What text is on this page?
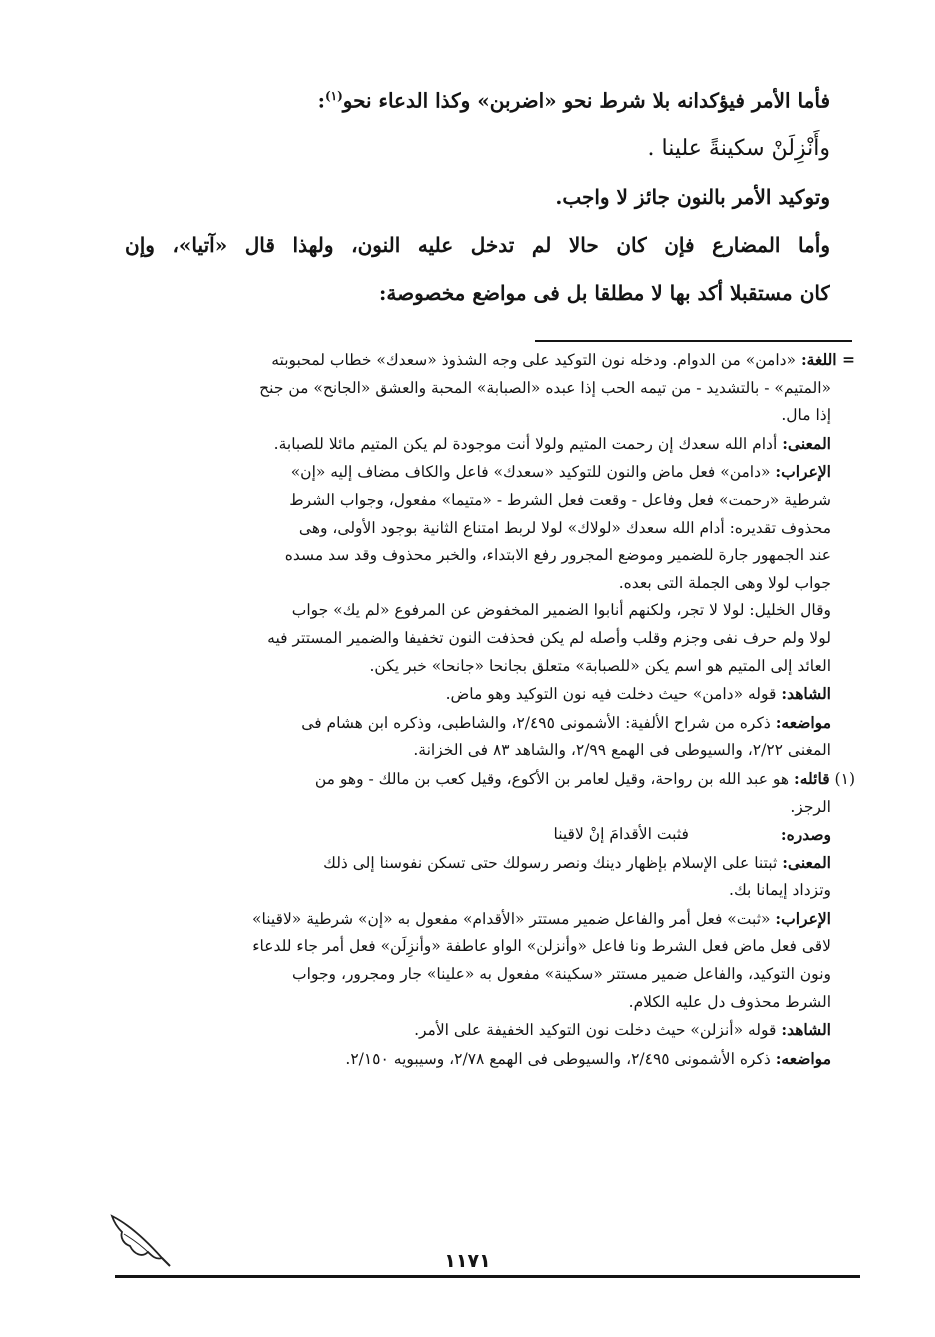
فأما الأمر فيؤكدانه بلا شرط نحو «اضربن» وكذا الدعاء نحو$^{(١)}$:
وأَنْزِلَنْ سكينةً علينا .
وتوكيد الأمر بالنون جائز لا واجب.
وأما المضارع فإن كان حالا لم تدخل عليه النون، ولهذا قال «آتيا»، وإن
كان مستقبلا أكد بها لا مطلقا بل فى مواضع مخصوصة:
= اللغة: «دامن» من الدوام. ودخله نون التوكيد على وجه الشذوذ «سعدك» خطاب لمحبوبته
«المتيم» - بالتشديد - من تيمه الحب إذا عبده «الصبابة» المحبة والعشق «الجانح» من جنح
إذا مال.
المعنى: أدام الله سعدك إن رحمت المتيم ولولا أنت موجودة لم يكن المتيم مائلا للصبابة.
الإعراب: «دامن» فعل ماض والنون للتوكيد «سعدك» فاعل والكاف مضاف إليه «إن»
شرطية «رحمت» فعل وفاعل - وقعت فعل الشرط - «متيما» مفعول، وجواب الشرط
محذوف تقديره: أدام الله سعدك «لولاك» لولا لربط امتناع الثانية بوجود الأولى، وهى
عند الجمهور جارة للضمير وموضع المجرور رفع الابتداء، والخبر محذوف وقد سد مسده
جواب لولا وهى الجملة التى بعده.
وقال الخليل: لولا لا تجر، ولكنهم أنابوا الضمير المخفوض عن المرفوع «لم يك» جواب
لولا ولم حرف نفى وجزم وقلب وأصله لم يكن فحذفت النون تخفيفا والضمير المستتر فيه
العائد إلى المتيم هو اسم يكن «للصبابة» متعلق بجانحا «جانحا» خبر يكن.
الشاهد: قوله «دامن» حيث دخلت فيه نون التوكيد وهو ماض.
مواضعه: ذكره من شراح الألفية: الأشمونى ٢/٤٩٥، والشاطبى، وذكره ابن هشام فى
المغنى ٢/٢٢، والسيوطى فى الهمع ٢/٩٩، والشاهد ٨٣ فى الخزانة.
(١) قائله: هو عبد الله بن رواحة، وقيل لعامر بن الأكوع، وقيل كعب بن مالك - وهو من
الرجز.
وصدره:
فثبت الأقدامَ إنْ لاقينا
المعنى: ثبتنا على الإسلام بإظهار دينك ونصر رسولك حتى تسكن نفوسنا إلى ذلك
وتزداد إيمانا بك.
الإعراب: «ثبت» فعل أمر والفاعل ضمير مستتر «الأقدام» مفعول به «إن» شرطية «لاقينا»
لاقى فعل ماض فعل الشرط ونا فاعل «وأنزلن» الواو عاطفة «وأنزِلَن» فعل أمر جاء للدعاء
ونون التوكيد، والفاعل ضمير مستتر «سكينة» مفعول به «علينا» جار ومجرور، وجواب
الشرط محذوف دل عليه الكلام.
الشاهد: قوله «أنزلن» حيث دخلت نون التوكيد الخفيفة على الأمر.
مواضعه: ذكره الأشمونى ٢/٤٩٥، والسيوطى فى الهمع ٢/٧٨، وسيبويه ٢/١٥٠.
١١٧١
